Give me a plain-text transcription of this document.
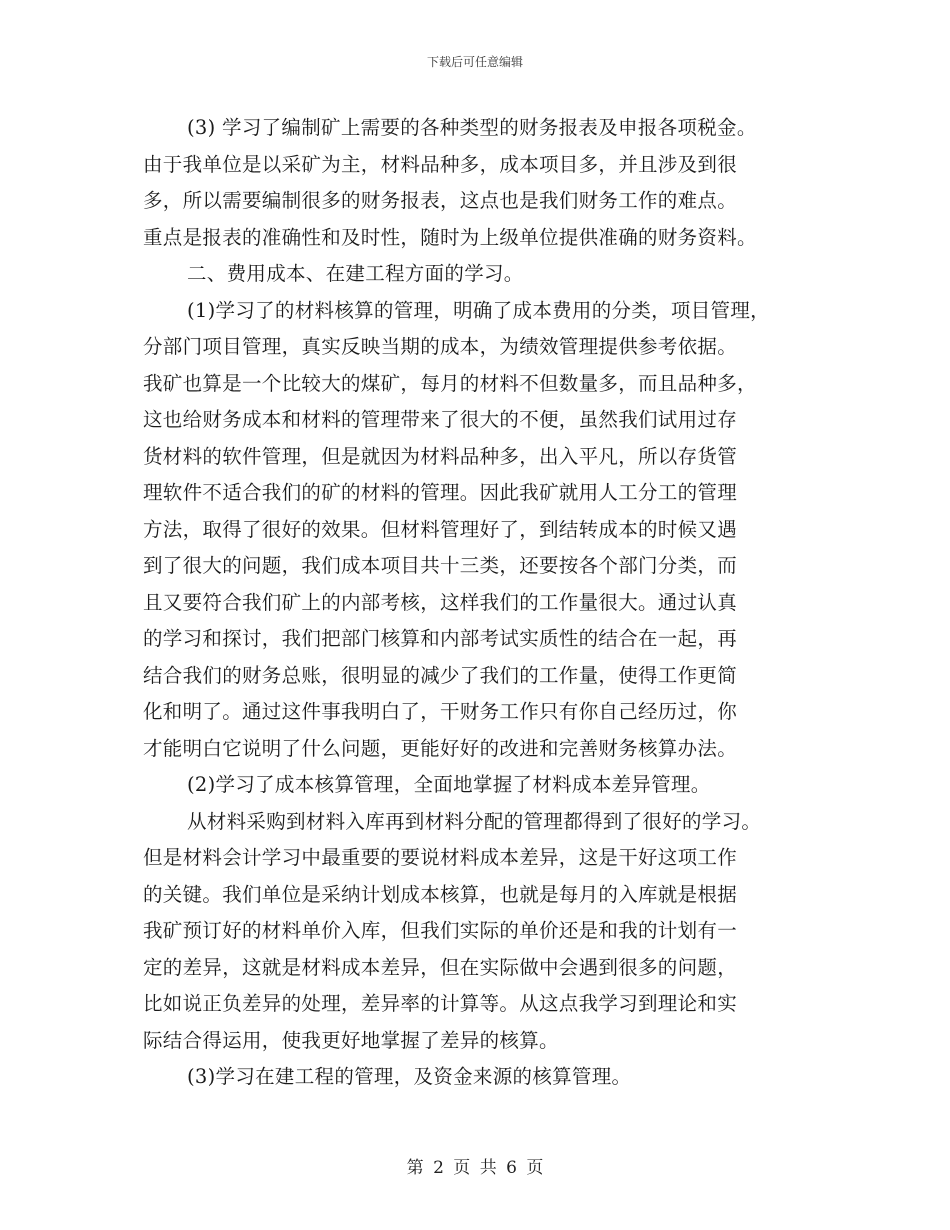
下载后可任意编辑
(3) 学习了编制矿上需要的各种类型的财务报表及申报各项税金。
由于我单位是以采矿为主，材料品种多，成本项目多，并且涉及到很
多，所以需要编制很多的财务报表，这点也是我们财务工作的难点。
重点是报表的准确性和及时性，随时为上级单位提供准确的财务资料。
二、费用成本、在建工程方面的学习。
(1)学习了的材料核算的管理，明确了成本费用的分类，项目管理，
分部门项目管理，真实反映当期的成本，为绩效管理提供参考依据。
我矿也算是一个比较大的煤矿，每月的材料不但数量多，而且品种多，
这也给财务成本和材料的管理带来了很大的不便，虽然我们试用过存
货材料的软件管理，但是就因为材料品种多，出入平凡，所以存货管
理软件不适合我们的矿的材料的管理。因此我矿就用人工分工的管理
方法，取得了很好的效果。但材料管理好了，到结转成本的时候又遇
到了很大的问题，我们成本项目共十三类，还要按各个部门分类，而
且又要符合我们矿上的内部考核，这样我们的工作量很大。通过认真
的学习和探讨，我们把部门核算和内部考试实质性的结合在一起，再
结合我们的财务总账，很明显的减少了我们的工作量，使得工作更简
化和明了。通过这件事我明白了，干财务工作只有你自己经历过，你
才能明白它说明了什么问题，更能好好的改进和完善财务核算办法。
(2)学习了成本核算管理，全面地掌握了材料成本差异管理。
从材料采购到材料入库再到材料分配的管理都得到了很好的学习。
但是材料会计学习中最重要的要说材料成本差异，这是干好这项工作
的关键。我们单位是采纳计划成本核算，也就是每月的入库就是根据
我矿预订好的材料单价入库，但我们实际的单价还是和我的计划有一
定的差异，这就是材料成本差异，但在实际做中会遇到很多的问题，
比如说正负差异的处理，差异率的计算等。从这点我学习到理论和实
际结合得运用，使我更好地掌握了差异的核算。
(3)学习在建工程的管理，及资金来源的核算管理。
第 2 页 共 6 页
